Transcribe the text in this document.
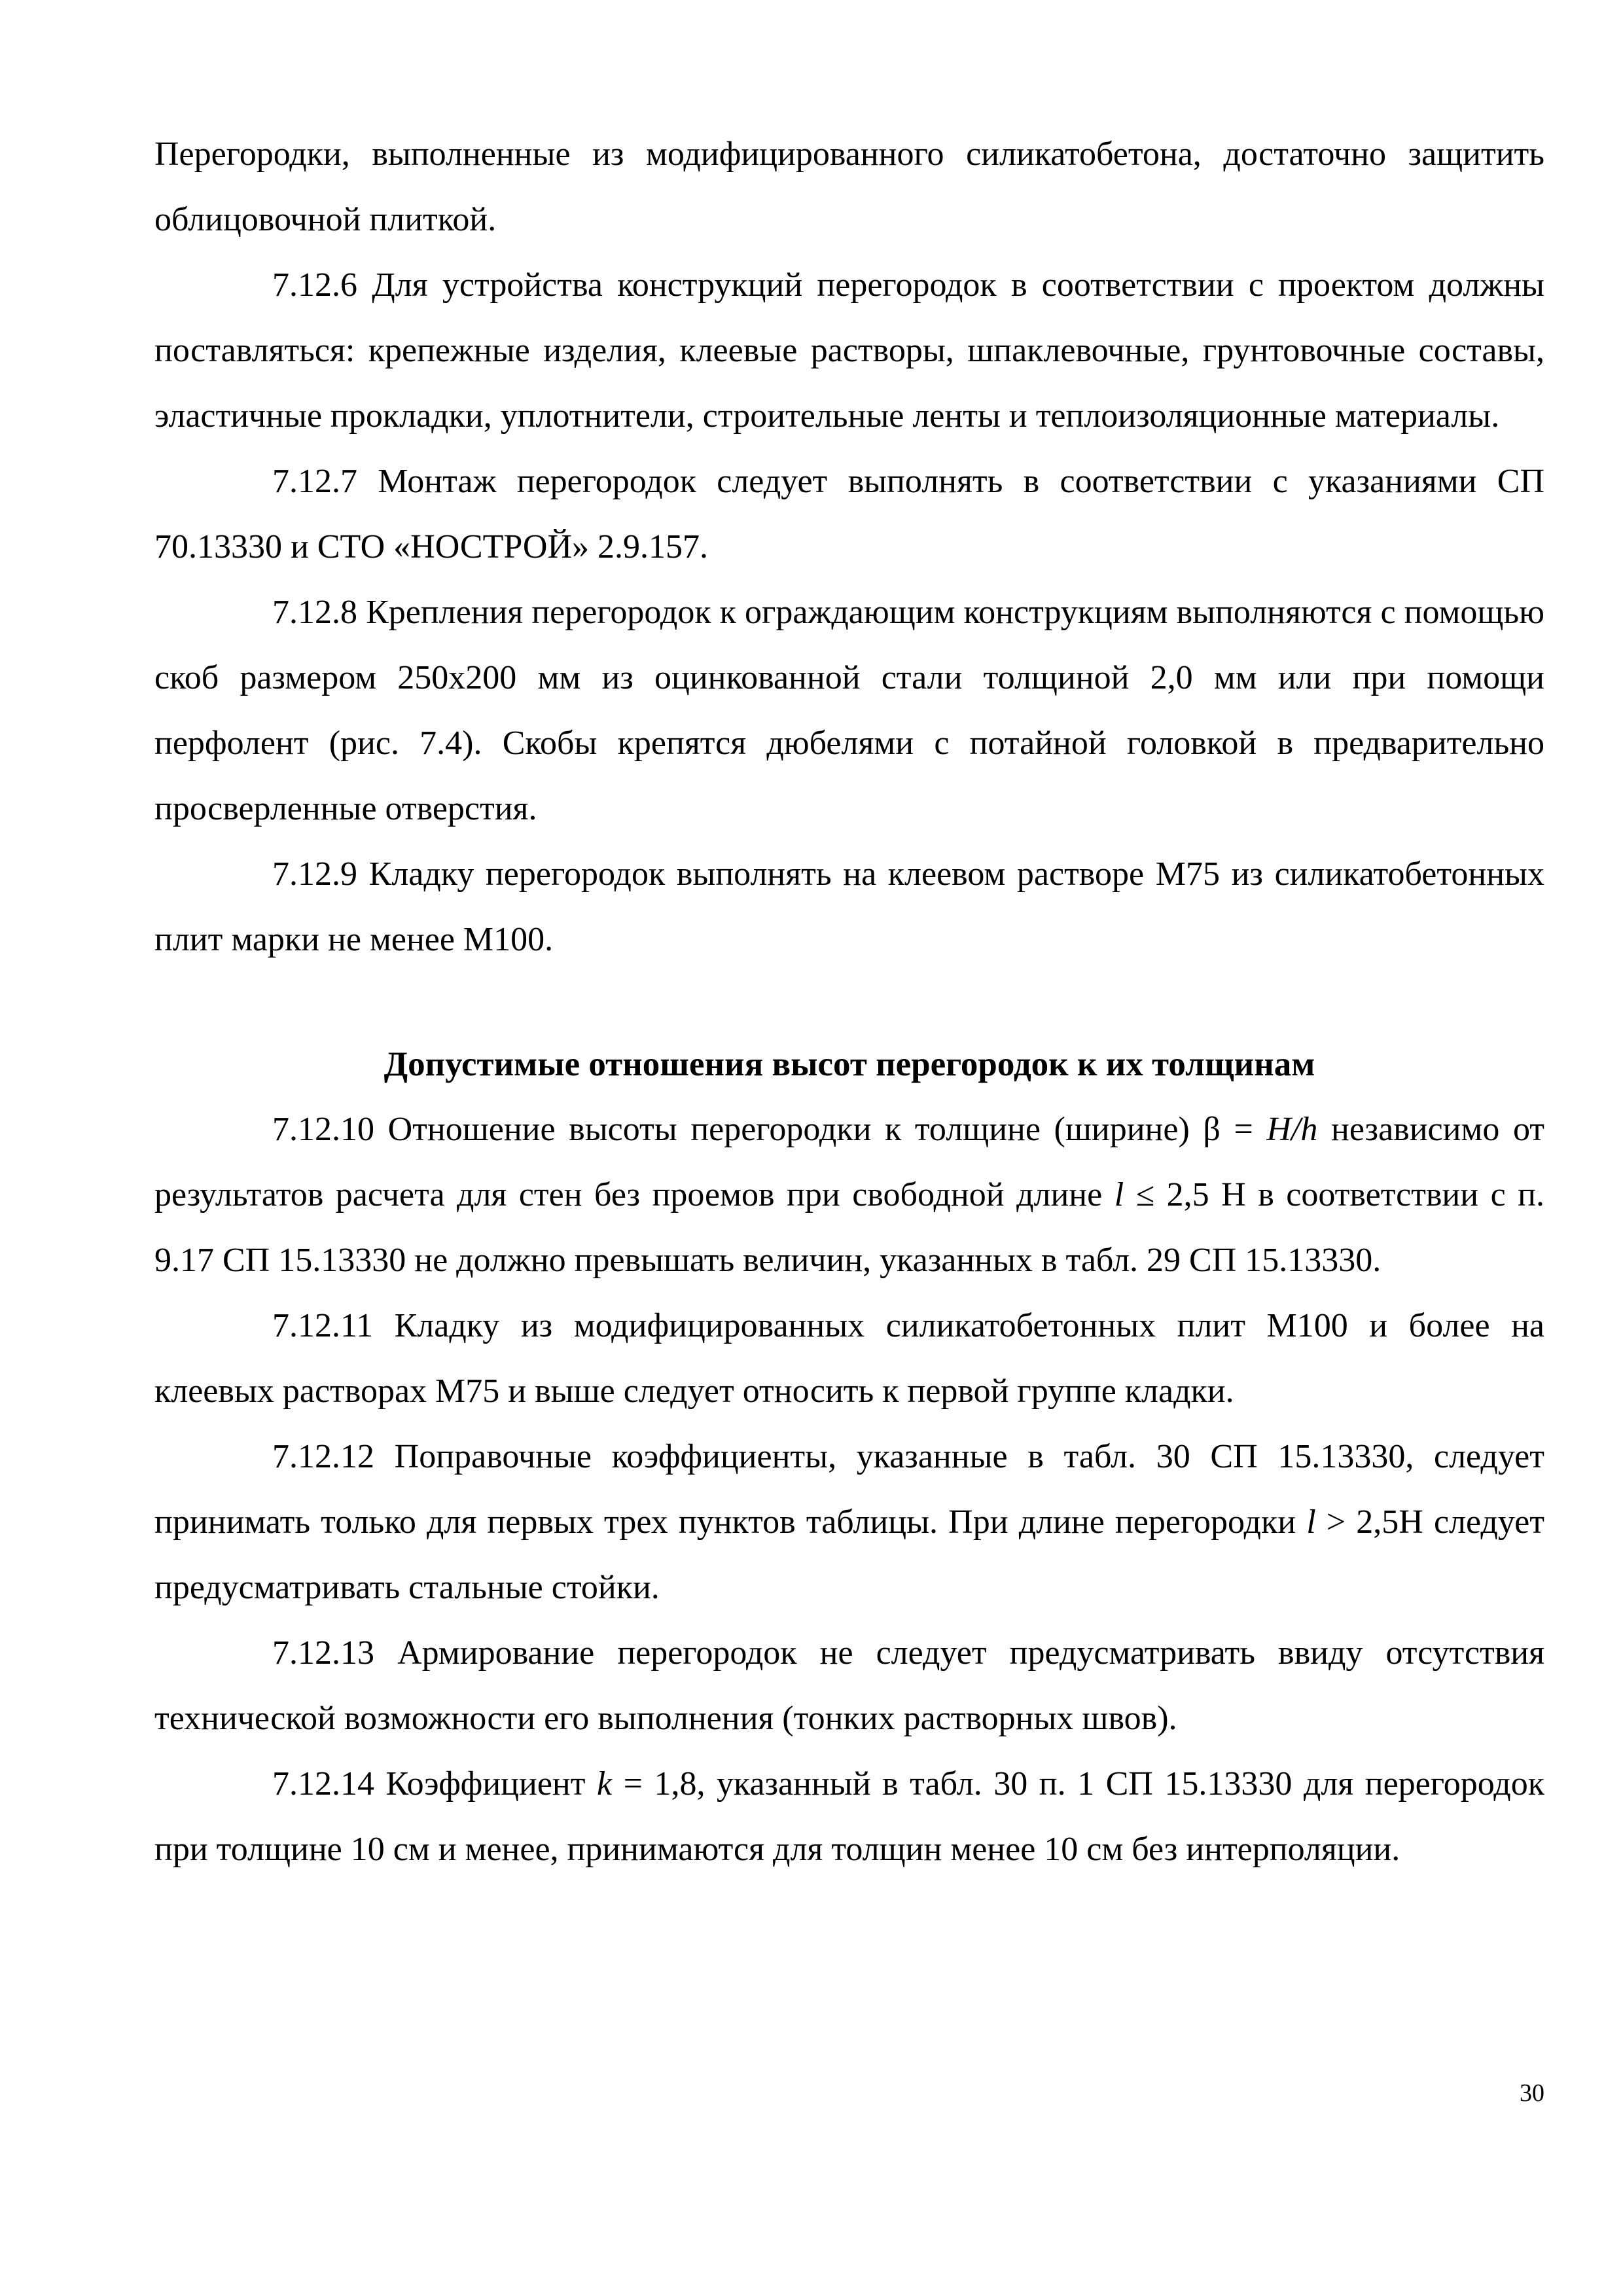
Перегородки, выполненные из модифицированного силикатобетона, достаточно защитить облицовочной плиткой.

7.12.6 Для устройства конструкций перегородок в соответствии с проектом должны поставляться: крепежные изделия, клеевые растворы, шпаклевочные, грунтовочные составы, эластичные прокладки, уплотнители, строительные ленты и теплоизоляционные материалы.

7.12.7 Монтаж перегородок следует выполнять в соответствии с указаниями СП 70.13330 и СТО «НОСТРОЙ» 2.9.157.

7.12.8 Крепления перегородок к ограждающим конструкциям выполняются с помощью скоб размером 250х200 мм из оцинкованной стали толщиной 2,0 мм или при помощи перфолент (рис. 7.4). Скобы крепятся дюбелями с потайной головкой в предварительно просверленные отверстия.

7.12.9 Кладку перегородок выполнять на клеевом растворе М75 из силикатобетонных плит марки не менее М100.

Допустимые отношения высот перегородок к их толщинам

7.12.10 Отношение высоты перегородки к толщине (ширине) β = H/h независимо от результатов расчета для стен без проемов при свободной длине l ≤ 2,5 Н в соответствии с п. 9.17 СП 15.13330 не должно превышать величин, указанных в табл. 29 СП 15.13330.

7.12.11 Кладку из модифицированных силикатобетонных плит М100 и более на клеевых растворах М75 и выше следует относить к первой группе кладки.

7.12.12 Поправочные коэффициенты, указанные в табл. 30 СП 15.13330, следует принимать только для первых трех пунктов таблицы. При длине перегородки l > 2,5Н следует предусматривать стальные стойки.

7.12.13 Армирование перегородок не следует предусматривать ввиду отсутствия технической возможности его выполнения (тонких растворных швов).

7.12.14 Коэффициент k = 1,8, указанный в табл. 30 п. 1 СП 15.13330 для перегородок при толщине 10 см и менее, принимаются для толщин менее 10 см без интерполяции.

30
